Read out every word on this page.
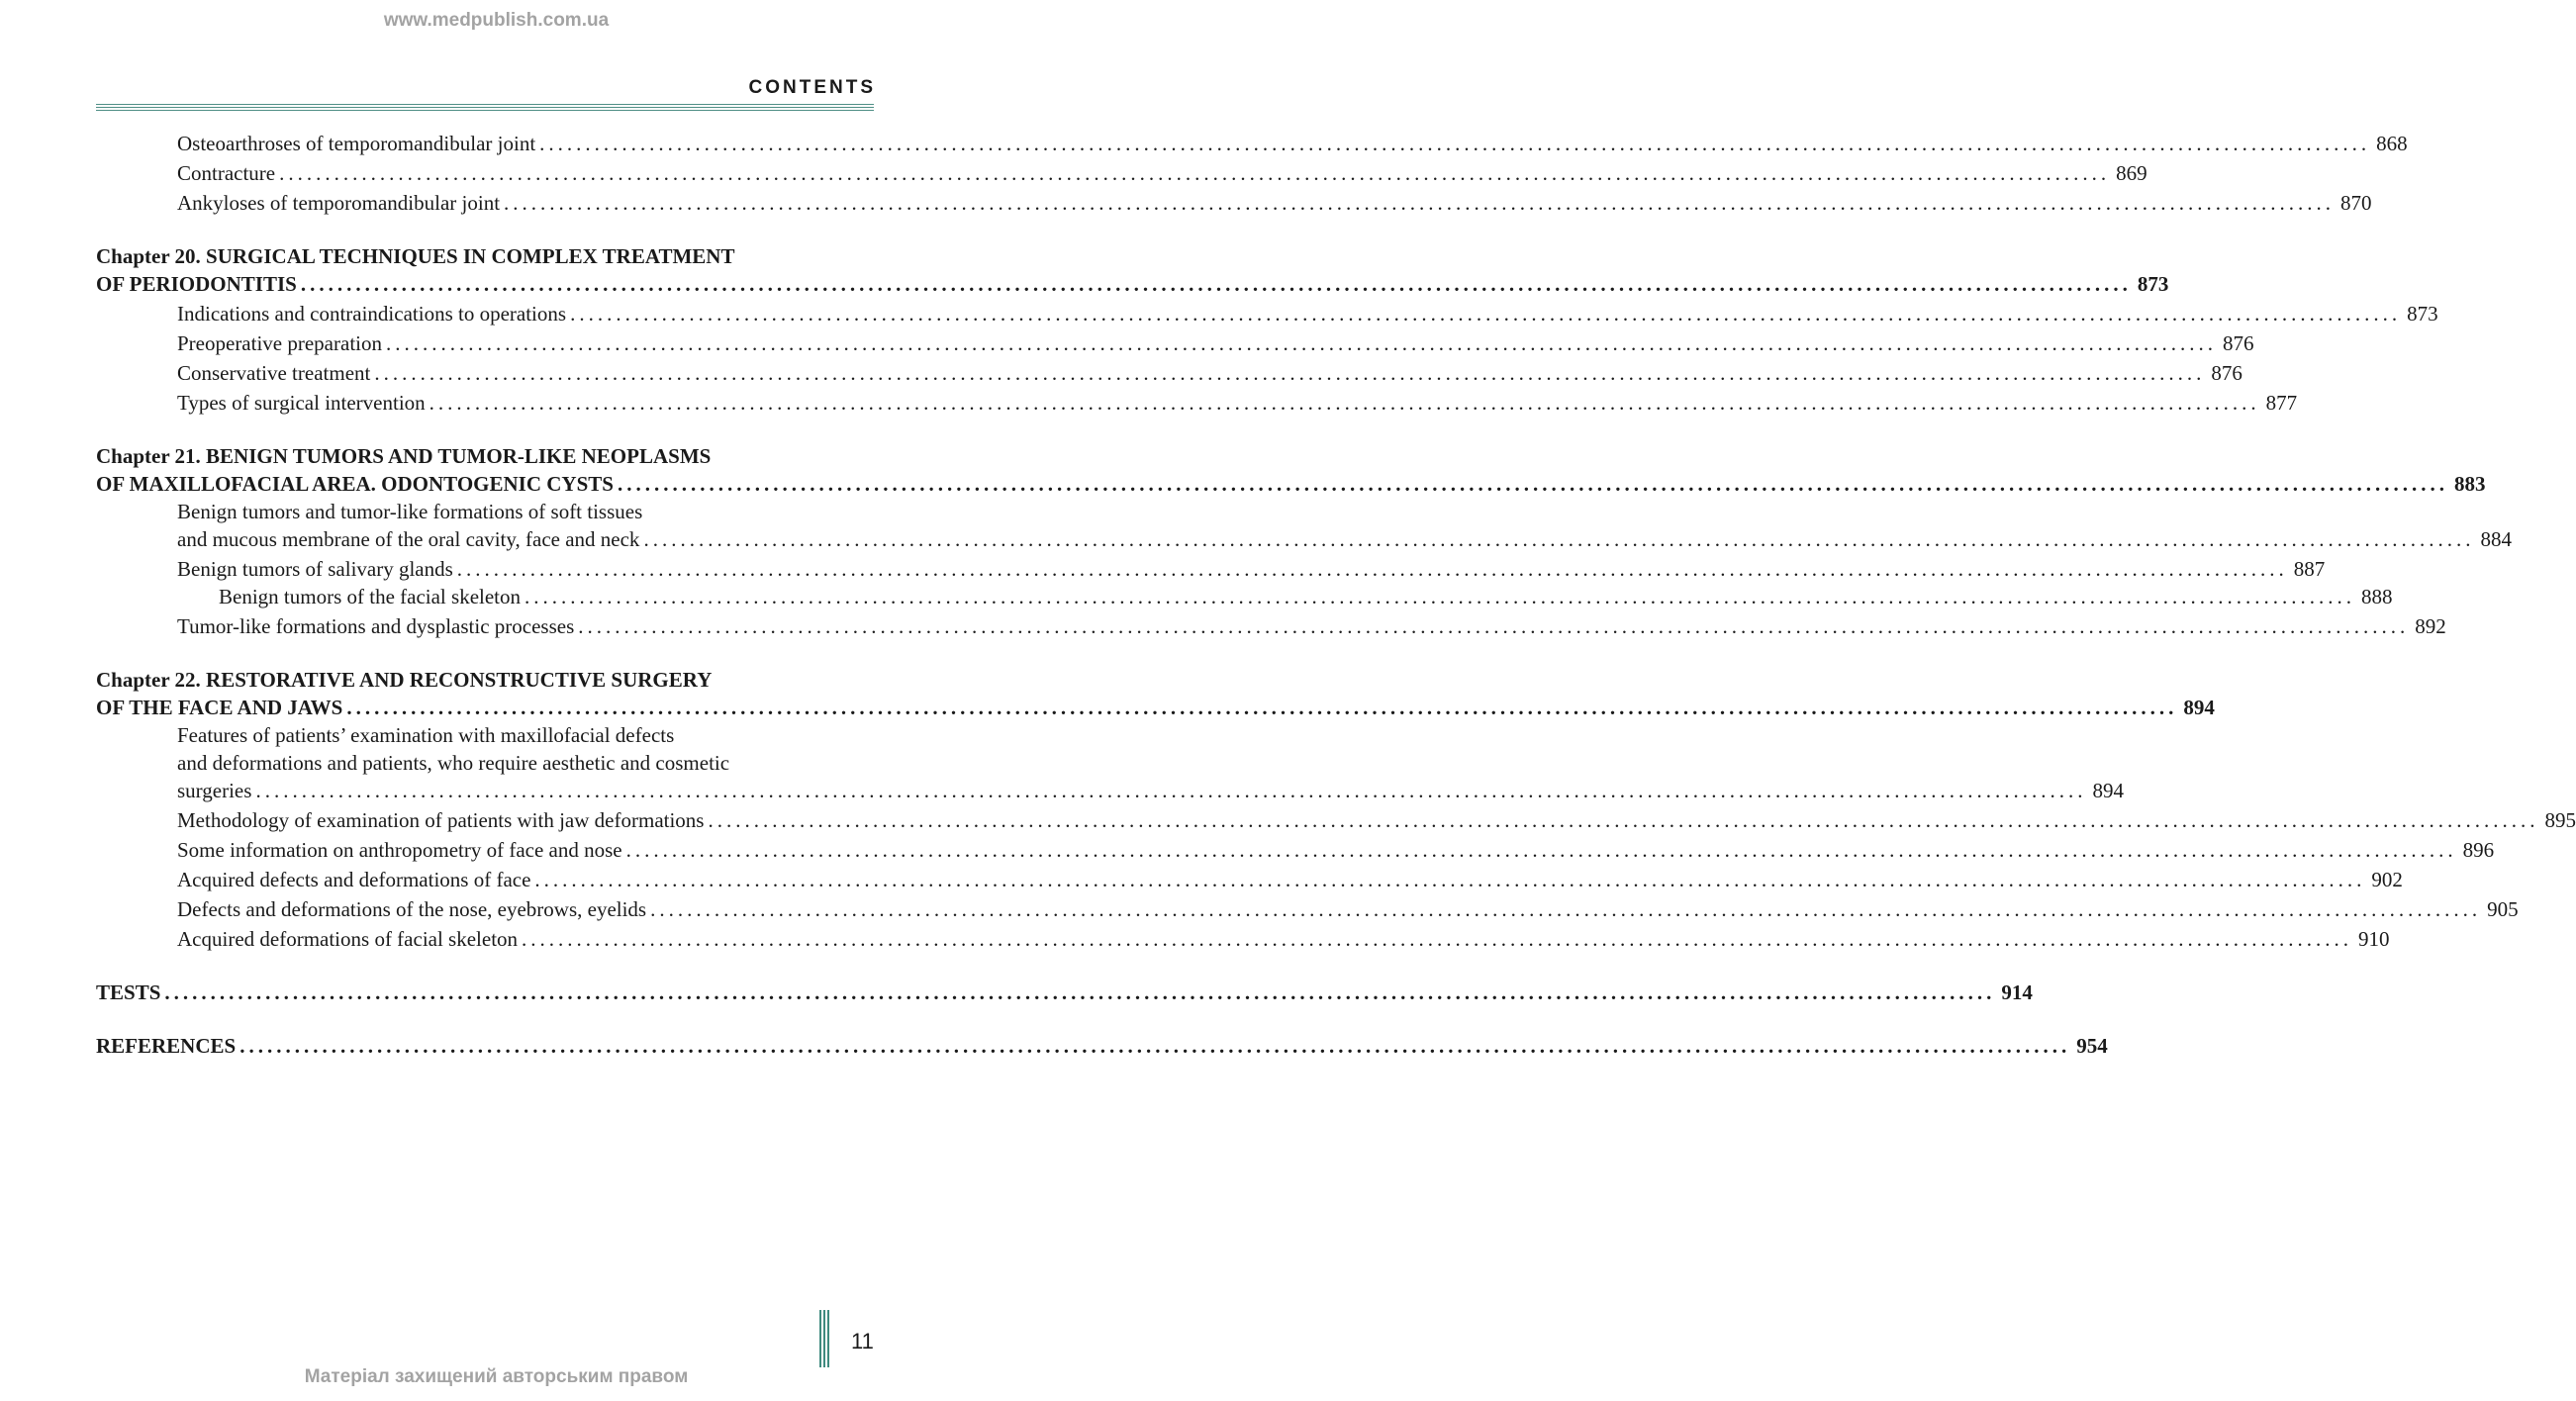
www.medpublish.com.ua
CONTENTS
Osteoarthroses of temporomandibular joint ........................................................................................................................................................................................................ 868
Contracture ........................................................................................................................................................................................................ 869
Ankyloses of temporomandibular joint ........................................................................................................................................................................................................ 870
Chapter 20. SURGICAL TECHNIQUES IN COMPLEX TREATMENT
OF PERIODONTITIS ........................................................................................................................................................................................................ 873
Indications and contraindications to operations ........................................................................................................................................................................................................ 873
Preoperative preparation ........................................................................................................................................................................................................ 876
Conservative treatment ........................................................................................................................................................................................................ 876
Types of surgical intervention ........................................................................................................................................................................................................ 877
Chapter 21. BENIGN TUMORS AND TUMOR-LIKE NEOPLASMS
OF MAXILLOFACIAL AREA. ODONTOGENIC CYSTS ........................................................................................................................................................................................................ 883
Benign tumors and tumor-like formations of soft tissues
and mucous membrane of the oral cavity, face and neck ........................................................................................................................................................................................................ 884
Benign tumors of salivary glands ........................................................................................................................................................................................................ 887
Benign tumors of the facial skeleton ........................................................................................................................................................................................................ 888
Tumor-like formations and dysplastic processes ........................................................................................................................................................................................................ 892
Chapter 22. RESTORATIVE AND RECONSTRUCTIVE SURGERY
OF THE FACE AND JAWS ........................................................................................................................................................................................................ 894
Features of patients’ examination with maxillofacial defects
and deformations and patients, who require aesthetic and cosmetic
surgeries ........................................................................................................................................................................................................ 894
Methodology of examination of patients with jaw deformations ........................................................................................................................................................................................................ 895
Some information on anthropometry of face and nose ........................................................................................................................................................................................................ 896
Acquired defects and deformations of face ........................................................................................................................................................................................................ 902
Defects and deformations of the nose, eyebrows, eyelids ........................................................................................................................................................................................................ 905
Acquired deformations of facial skeleton ........................................................................................................................................................................................................ 910
TESTS ........................................................................................................................................................................................................ 914
REFERENCES ........................................................................................................................................................................................................ 954
11
Матеріал захищений авторським правом
